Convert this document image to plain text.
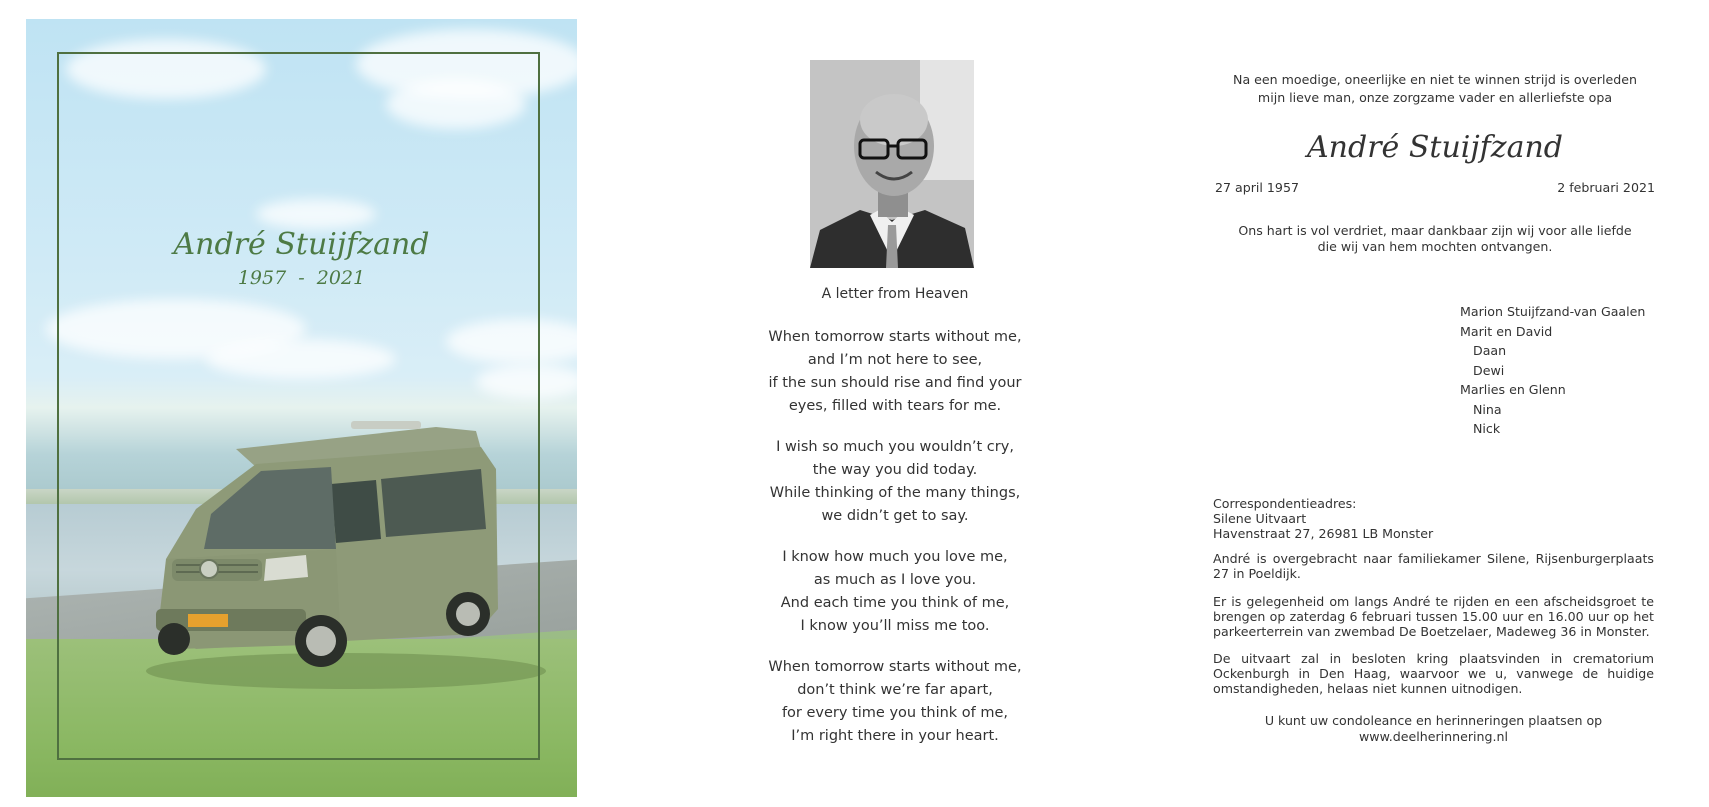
André Stuijfzand
1957  -  2021
A letter from Heaven
When tomorrow starts without me,
and I’m not here to see,
if the sun should rise and find your
eyes, filled with tears for me.
I wish so much you wouldn’t cry,
the way you did today.
While thinking of the many things,
we didn’t get to say.
I know how much you love me,
as much as I love you.
And each time you think of me,
I know you’ll miss me too.
When tomorrow starts without me,
don’t think we’re far apart,
for every time you think of me,
I’m right there in your heart.
Na een moedige, oneerlijke en niet te winnen strijd is overleden
mijn lieve man, onze zorgzame vader en allerliefste opa
André Stuijfzand
27 april 1957	2 februari 2021
Ons hart is vol verdriet, maar dankbaar zijn wij voor alle liefde
die wij van hem mochten ontvangen.
Marion Stuijfzand-van Gaalen
Marit en David
Daan
Dewi
Marlies en Glenn
Nina
Nick
Correspondentieadres:
Silene Uitvaart
Havenstraat 27, 26981 LB Monster
André is overgebracht naar familiekamer Silene, Rijsenburgerplaats 27 in Poeldijk.
Er is gelegenheid om langs André te rijden en een afscheidsgroet te brengen op zaterdag 6 februari tussen 15.00 uur en 16.00 uur op het parkeerterrein van zwembad De Boetzelaer, Madeweg 36 in Monster.
De uitvaart zal in besloten kring plaatsvinden in crematorium Ockenburgh in Den Haag, waarvoor we u, vanwege de huidige omstandigheden, helaas niet kunnen uitnodigen.
U kunt uw condoleance en herinneringen plaatsen op
www.deelherinnering.nl
